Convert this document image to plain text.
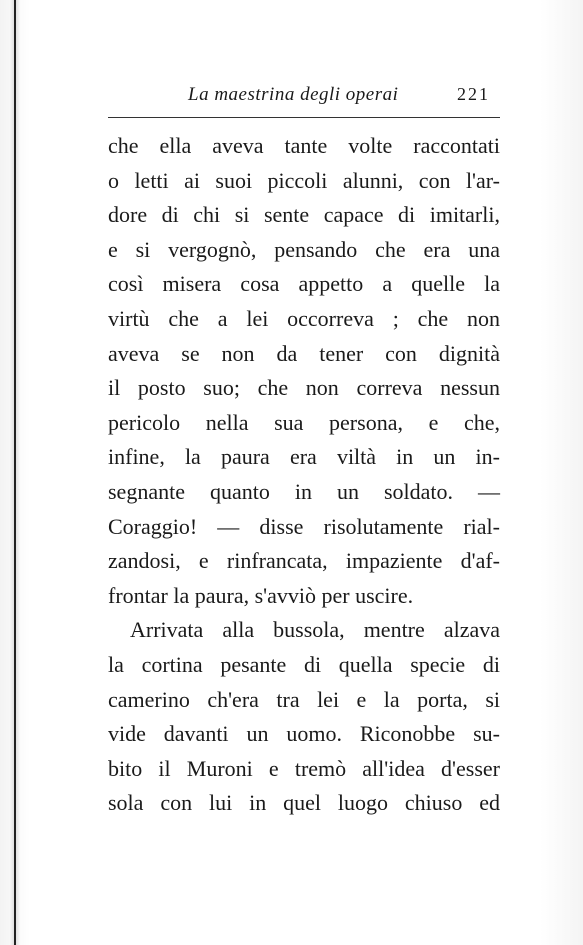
La maestrina degli operai	221
che ella aveva tante volte raccontati
o letti ai suoi piccoli alunni, con l'ar-
dore di chi si sente capace di imitarli,
e si vergognò, pensando che era una
così misera cosa appetto a quelle la
virtù che a lei occorreva ; che non
aveva se non da tener con dignità
il posto suo; che non correva nessun
pericolo nella sua persona, e che,
infine, la paura era viltà in un in-
segnante quanto in un soldato. —
Coraggio! — disse risolutamente rial-
zandosi, e rinfrancata, impaziente d'af-
frontar la paura, s'avviò per uscire.
Arrivata alla bussola, mentre alzava
la cortina pesante di quella specie di
camerino ch'era tra lei e la porta, si
vide davanti un uomo. Riconobbe su-
bito il Muroni e tremò all'idea d'esser
sola con lui in quel luogo chiuso ed
